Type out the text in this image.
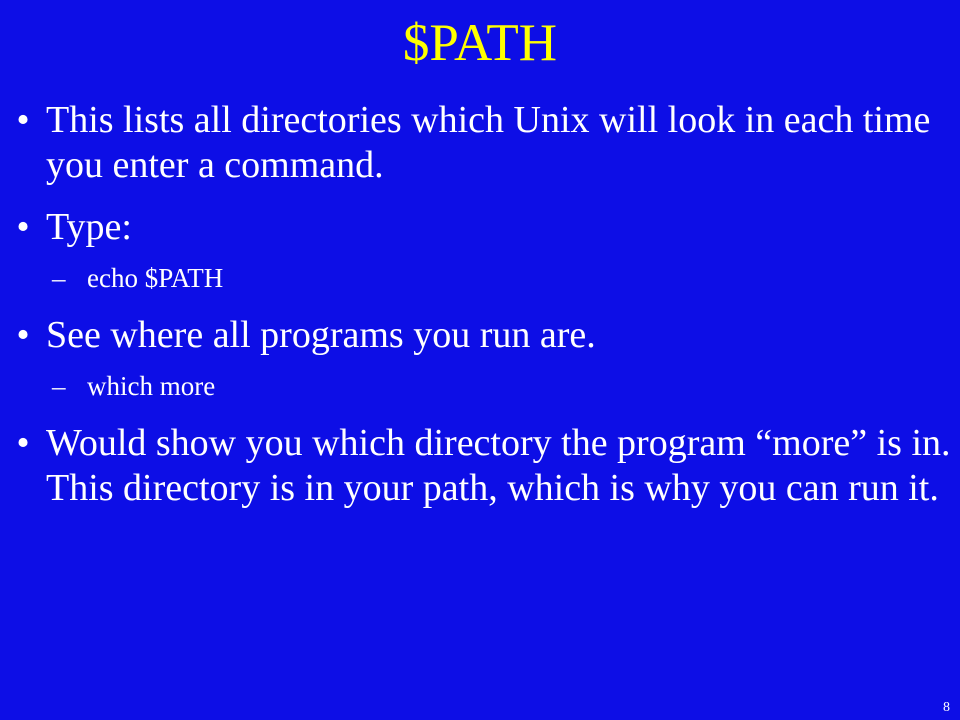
$PATH
• This lists all directories which Unix will look in each time you enter a command.
• Type:
– echo $PATH
• See where all programs you run are.
– which more
• Would show you which directory the program “more” is in. This directory is in your path, which is why you can run it.
8
